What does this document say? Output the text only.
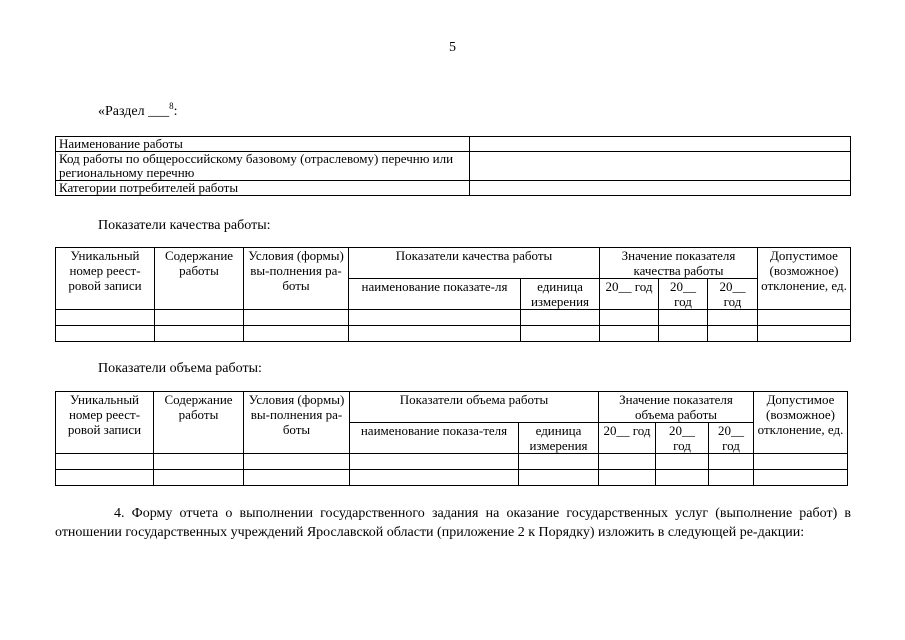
5
«Раздел ___$^8$:
Наименование работы	
Код работы по общероссийскому базовому (отраслевому) перечню или региональному перечню	
Категории потребителей работы	
Показатели качества работы:
Уникальный номер реест-ровой записи	Содержание работы	Условия (формы) вы-полнения ра-боты	Показатели качества работы		Значение показателя качества работы			Допустимое (возможное) отклонение, ед.
			наименование показате-ля	единица измерения	20__ год	20__ год	20__ год	

Показатели объема работы:
Уникальный номер реест-ровой записи	Содержание работы	Условия (формы) вы-полнения ра-боты	Показатели объема работы		Значение показателя объема работы			Допустимое (возможное) отклонение, ед.
			наименование показа-теля	единица измерения	20__ год	20__ год	20__ год	

4. Форму отчета о выполнении государственного задания на оказание государственных услуг (выполнение работ) в отношении государственных учреждений Ярославской области (приложение 2 к Порядку) изложить в следующей ре-дакции:
